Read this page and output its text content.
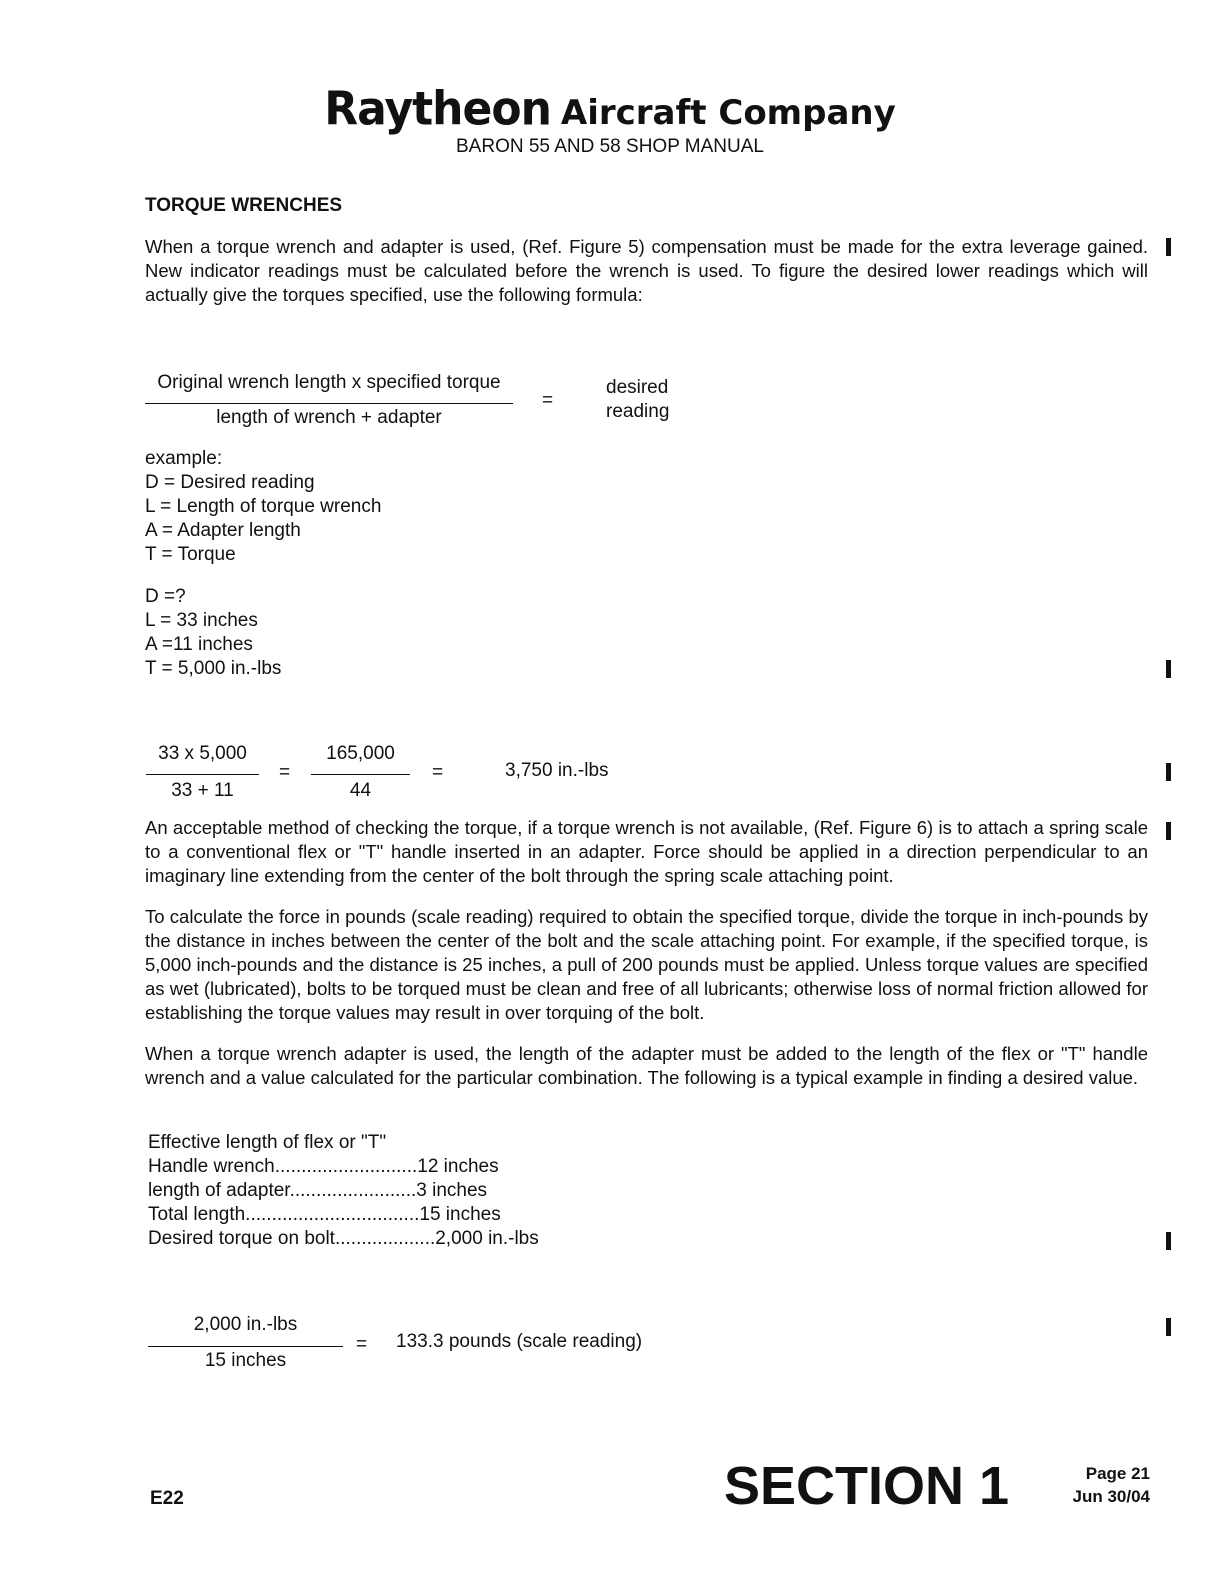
Raytheon Aircraft Company
BARON 55 AND 58 SHOP MANUAL
TORQUE WRENCHES

When a torque wrench and adapter is used, (Ref. Figure 5) compensation must be made for the extra leverage gained. New indicator readings must be calculated before the wrench is used. To figure the desired lower readings which will actually give the torques specified, use the following formula:

Original wrench length x specified torque
length of wrench + adapter
=
desired
reading
example:
D = Desired reading
L = Length of torque wrench
A = Adapter length
T = Torque
D =?
L = 33 inches
A =11 inches
T = 5,000 in.-lbs
33 x 5,000
33 + 11
=
165,000
44
=	3,750 in.-lbs

An acceptable method of checking the torque, if a torque wrench is not available, (Ref. Figure 6) is to attach a spring scale to a conventional flex or "T" handle inserted in an adapter. Force should be applied in a direction perpendicular to an imaginary line extending from the center of the bolt through the spring scale attaching point.

To calculate the force in pounds (scale reading) required to obtain the specified torque, divide the torque in inch-pounds by the distance in inches between the center of the bolt and the scale attaching point. For example, if the specified torque, is 5,000 inch-pounds and the distance is 25 inches, a pull of 200 pounds must be applied. Unless torque values are specified as wet (lubricated), bolts to be torqued must be clean and free of all lubricants; otherwise loss of normal friction allowed for establishing the torque values may result in over torquing of the bolt.

When a torque wrench adapter is used, the length of the adapter must be added to the length of the flex or "T" handle wrench and a value calculated for the particular combination. The following is a typical example in finding a desired value.

Effective length of flex or "T"
Handle wrench...........................12 inches
length of adapter........................3 inches
Total length.................................15 inches
Desired torque on bolt...................2,000 in.-lbs
2,000 in.-lbs
15 inches
= 133.3 pounds (scale reading)
E22	SECTION 1	Page 21
Jun 30/04
